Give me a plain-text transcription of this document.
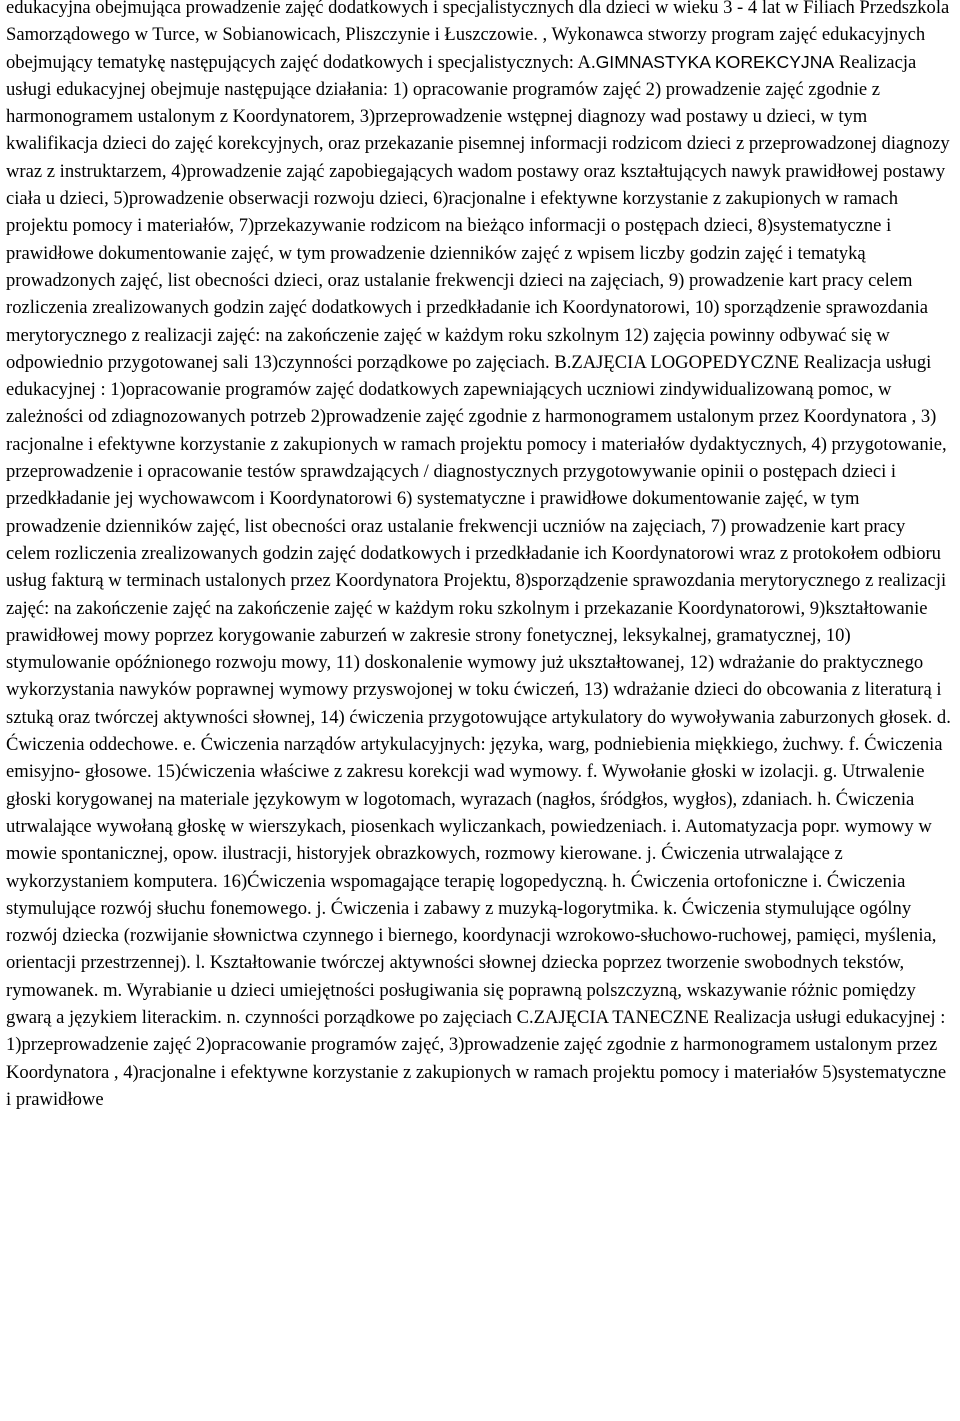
edukacyjna obejmująca prowadzenie zajęć dodatkowych i specjalistycznych dla dzieci w wieku 3 - 4 lat w Filiach Przedszkola Samorządowego w Turce, w Sobianowicach, Pliszczynie i Łuszczowie. , Wykonawca stworzy program zajęć edukacyjnych obejmujący tematykę następujących zajęć dodatkowych i specjalistycznych: A.GIMNASTYKA KOREKCYJNA Realizacja usługi edukacyjnej obejmuje następujące działania: 1) opracowanie programów zajęć 2) prowadzenie zajęć zgodnie z harmonogramem ustalonym z Koordynatorem, 3)przeprowadzenie wstępnej diagnozy wad postawy u dzieci, w tym kwalifikacja dzieci do zajęć korekcyjnych, oraz przekazanie pisemnej informacji rodzicom dzieci z przeprowadzonej diagnozy wraz z instruktarzem, 4)prowadzenie zająć zapobiegających wadom postawy oraz kształtujących nawyk prawidłowej postawy ciała u dzieci, 5)prowadzenie obserwacji rozwoju dzieci, 6)racjonalne i efektywne korzystanie z zakupionych w ramach projektu pomocy i materiałów, 7)przekazywanie rodzicom na bieżąco informacji o postępach dzieci, 8)systematyczne i prawidłowe dokumentowanie zajęć, w tym prowadzenie dzienników zajęć z wpisem liczby godzin zajęć i tematyką prowadzonych zajęć, list obecności dzieci, oraz ustalanie frekwencji dzieci na zajęciach, 9) prowadzenie kart pracy celem rozliczenia zrealizowanych godzin zajęć dodatkowych i przedkładanie ich Koordynatorowi, 10) sporządzenie sprawozdania merytorycznego z realizacji zajęć: na zakończenie zajęć w każdym roku szkolnym 12) zajęcia powinny odbywać się w odpowiednio przygotowanej sali 13)czynności porządkowe po zajęciach. B.ZAJĘCIA LOGOPEDYCZNE Realizacja usługi edukacyjnej : 1)opracowanie programów zajęć dodatkowych zapewniających uczniowi zindywidualizowaną pomoc, w zależności od zdiagnozowanych potrzeb 2)prowadzenie zajęć zgodnie z harmonogramem ustalonym przez Koordynatora , 3) racjonalne i efektywne korzystanie z zakupionych w ramach projektu pomocy i materiałów dydaktycznych, 4) przygotowanie, przeprowadzenie i opracowanie testów sprawdzających / diagnostycznych przygotowywanie opinii o postępach dzieci i przedkładanie jej wychowawcom i Koordynatorowi 6) systematyczne i prawidłowe dokumentowanie zajęć, w tym prowadzenie dzienników zajęć, list obecności oraz ustalanie frekwencji uczniów na zajęciach, 7) prowadzenie kart pracy celem rozliczenia zrealizowanych godzin zajęć dodatkowych i przedkładanie ich Koordynatorowi wraz z protokołem odbioru usług fakturą w terminach ustalonych przez Koordynatora Projektu, 8)sporządzenie sprawozdania merytorycznego z realizacji zajęć: na zakończenie zajęć na zakończenie zajęć w każdym roku szkolnym i przekazanie Koordynatorowi, 9)kształtowanie prawidłowej mowy poprzez korygowanie zaburzeń w zakresie strony fonetycznej, leksykalnej, gramatycznej, 10) stymulowanie opóźnionego rozwoju mowy, 11) doskonalenie wymowy już ukształtowanej, 12) wdrażanie do praktycznego wykorzystania nawyków poprawnej wymowy przyswojonej w toku ćwiczeń, 13) wdrażanie dzieci do obcowania z literaturą i sztuką oraz twórczej aktywności słownej, 14) ćwiczenia przygotowujące artykulatory do wywoływania zaburzonych głosek. d. Ćwiczenia oddechowe. e. Ćwiczenia narządów artykulacyjnych: języka, warg, podniebienia miękkiego, żuchwy. f. Ćwiczenia emisyjno- głosowe. 15)ćwiczenia właściwe z zakresu korekcji wad wymowy. f. Wywołanie głoski w izolacji. g. Utrwalenie głoski korygowanej na materiale językowym w logotomach, wyrazach (nagłos, śródgłos, wygłos), zdaniach. h. Ćwiczenia utrwalające wywołaną głoskę w wierszykach, piosenkach wyliczankach, powiedzeniach. i. Automatyzacja popr. wymowy w mowie spontanicznej, opow. ilustracji, historyjek obrazkowych, rozmowy kierowane. j. Ćwiczenia utrwalające z wykorzystaniem komputera. 16)Ćwiczenia wspomagające terapię logopedyczną. h. Ćwiczenia ortofoniczne i. Ćwiczenia stymulujące rozwój słuchu fonemowego. j. Ćwiczenia i zabawy z muzyką-logorytmika. k. Ćwiczenia stymulujące ogólny rozwój dziecka (rozwijanie słownictwa czynnego i biernego, koordynacji wzrokowo-słuchowo-ruchowej, pamięci, myślenia, orientacji przestrzennej). l. Kształtowanie twórczej aktywności słownej dziecka poprzez tworzenie swobodnych tekstów, rymowanek. m. Wyrabianie u dzieci umiejętności posługiwania się poprawną polszczyzną, wskazywanie różnic pomiędzy gwarą a językiem literackim. n. czynności porządkowe po zajęciach C.ZAJĘCIA TANECZNE Realizacja usługi edukacyjnej : 1)przeprowadzenie zajęć 2)opracowanie programów zajęć, 3)prowadzenie zajęć zgodnie z harmonogramem ustalonym przez Koordynatora , 4)racjonalne i efektywne korzystanie z zakupionych w ramach projektu pomocy i materiałów 5)systematyczne i prawidłowe
